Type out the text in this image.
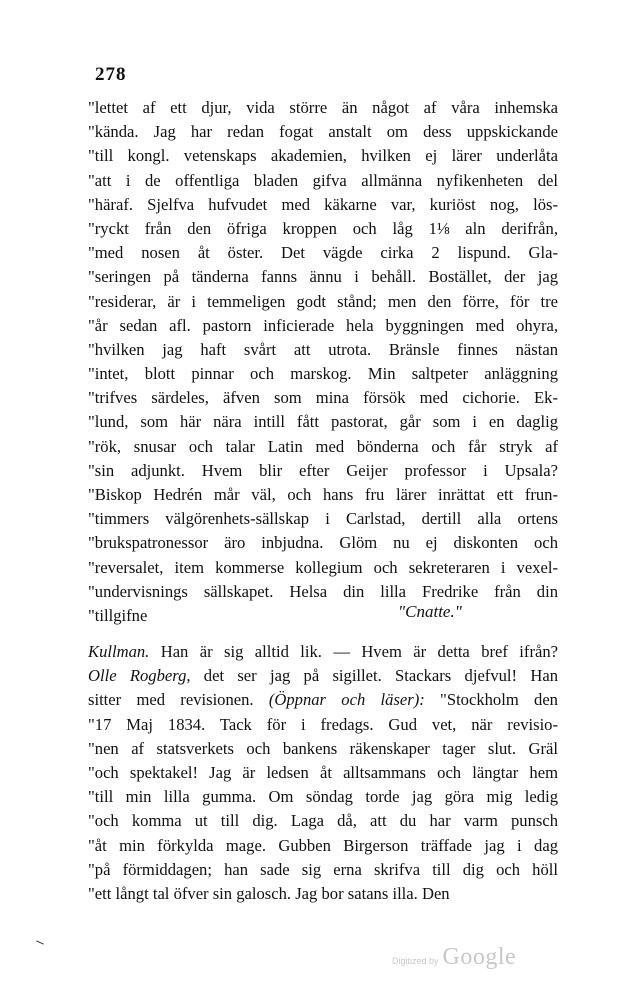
278
"lettet af ett djur, vida större än något af våra inhemska
"kända. Jag har redan fogat anstalt om dess uppskickande
"till kongl. vetenskaps akademien, hvilken ej lärer underlåta
"att i de offentliga bladen gifva allmänna nyfikenheten del
"häraf. Sjelfva hufvudet med käkarne var, kuriöst nog, lös-
"ryckt från den öfriga kroppen och låg 1⅛ aln derifrån,
"med nosen åt öster. Det vägde cirka 2 lispund. Gla-
"seringen på tänderna fanns ännu i behåll. Bostället, der jag
"residerar, är i temmeligen godt stånd; men den förre, för tre
"år sedan afl. pastorn inficierade hela byggningen med ohyra,
"hvilken jag haft svårt att utrota. Bränsle finnes nästan
"intet, blott pinnar och marskog. Min saltpeter anläggning
"trifves särdeles, äfven som mina försök med cichorie. Ek-
"lund, som här nära intill fått pastorat, går som i en daglig
"rök, snusar och talar Latin med bönderna och får stryk af
"sin adjunkt. Hvem blir efter Geijer professor i Upsala?
"Biskop Hedrén mår väl, och hans fru lärer inrättat ett frun-
"timmers välgörenhets-sällskap i Carlstad, dertill alla ortens
"brukspatronessor äro inbjudna. Glöm nu ej diskonten och
"reversalet, item kommerse kollegium och sekreteraren i vexel-
"undervisnings sällskapet. Helsa din lilla Fredrike från din
"tillgifne	"Cnatte."
Kullman. Han är sig alltid lik. — Hvem är detta bref ifrån?
Olle Rogberg, det ser jag på sigillet. Stackars djefvul! Han
sitter med revisionen. (Öppnar och läser): "Stockholm den
"17 Maj 1834. Tack för i fredags. Gud vet, när revisio-
"nen af statsverkets och bankens räkenskaper tager slut. Gräl
"och spektakel! Jag är ledsen åt alltsammans och längtar hem
"till min lilla gumma. Om söndag torde jag göra mig ledig
"och komma ut till dig. Laga då, att du har varm punsch
"åt min förkylda mage. Gubben Birgerson träffade jag i dag
"på förmiddagen; han sade sig erna skrifva till dig och höll
"ett långt tal öfver sin galosch. Jag bor satans illa. Den
Digitized by Google
